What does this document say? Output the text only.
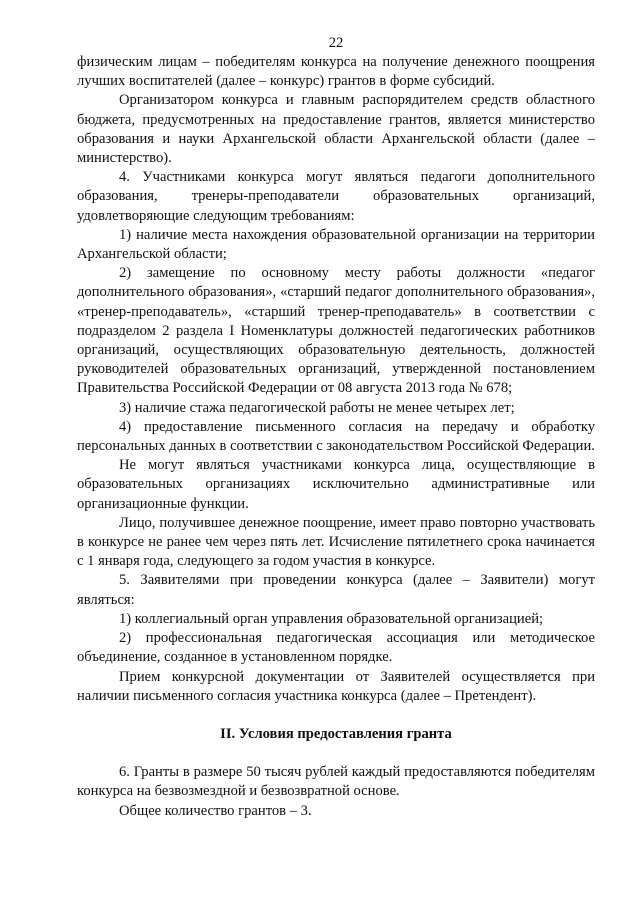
22

физическим лицам – победителям конкурса на получение денежного поощрения лучших воспитателей (далее – конкурс) грантов в форме субсидий.

Организатором конкурса и главным распорядителем средств областного бюджета, предусмотренных на предоставление грантов, является министерство образования и науки Архангельской области Архангельской области (далее – министерство).

4. Участниками конкурса могут являться педагоги дополнительного образования, тренеры-преподаватели образовательных организаций, удовлетворяющие следующим требованиям:

1) наличие места нахождения образовательной организации на территории Архангельской области;

2) замещение по основному месту работы должности «педагог дополнительного образования», «старший педагог дополнительного образования», «тренер-преподаватель», «старший тренер-преподаватель» в соответствии с подразделом 2 раздела I Номенклатуры должностей педагогических работников организаций, осуществляющих образовательную деятельность, должностей руководителей образовательных организаций, утвержденной постановлением Правительства Российской Федерации от 08 августа 2013 года № 678;

3) наличие стажа педагогической работы не менее четырех лет;

4) предоставление письменного согласия на передачу и обработку персональных данных в соответствии с законодательством Российской Федерации.

Не могут являться участниками конкурса лица, осуществляющие в образовательных организациях исключительно административные или организационные функции.

Лицо, получившее денежное поощрение, имеет право повторно участвовать в конкурсе не ранее чем через пять лет. Исчисление пятилетнего срока начинается с 1 января года, следующего за годом участия в конкурсе.

5. Заявителями при проведении конкурса (далее – Заявители) могут являться:

1) коллегиальный орган управления образовательной организацией;

2) профессиональная педагогическая ассоциация или методическое объединение, созданное в установленном порядке.

Прием конкурсной документации от Заявителей осуществляется при наличии письменного согласия участника конкурса (далее – Претендент).

II. Условия предоставления гранта

6. Гранты в размере 50 тысяч рублей каждый предоставляются победителям конкурса на безвозмездной и безвозвратной основе.

Общее количество грантов – 3.
